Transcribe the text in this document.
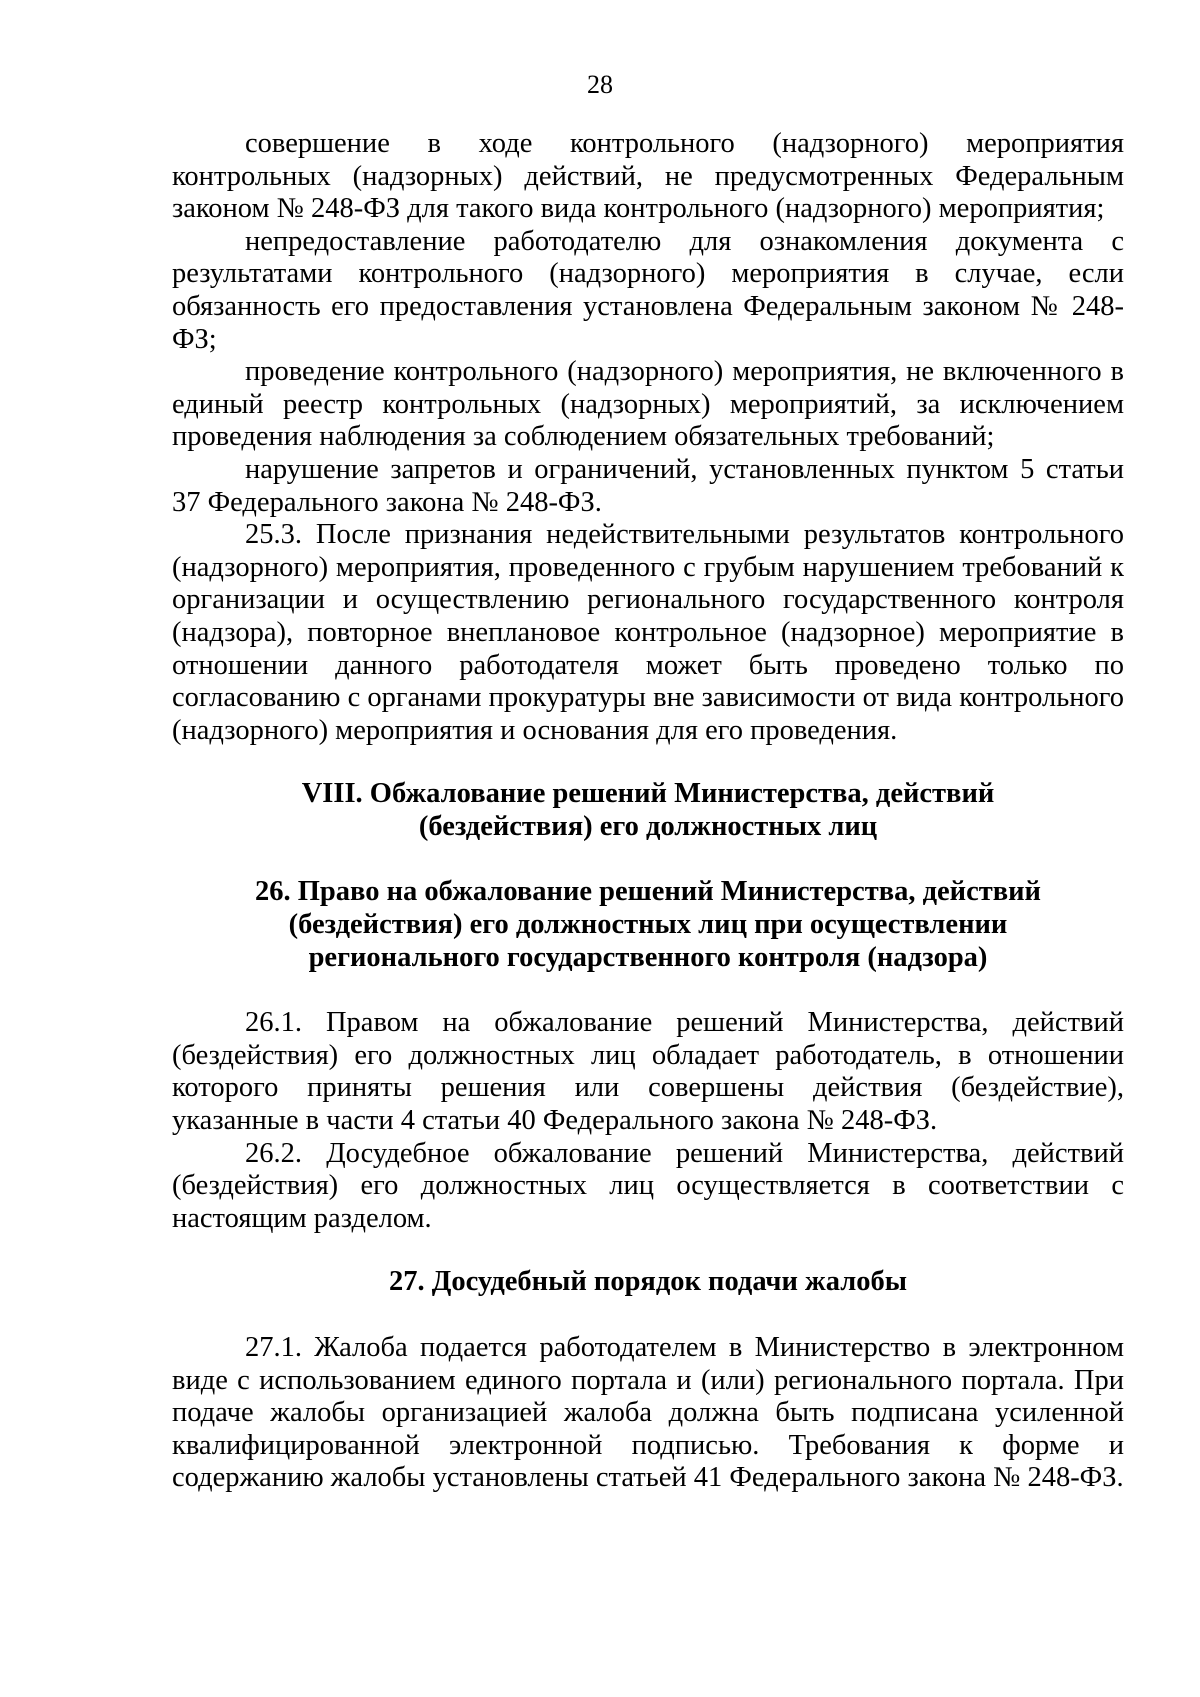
28

совершение в ходе контрольного (надзорного) мероприятия контрольных (надзорных) действий, не предусмотренных Федеральным законом № 248-ФЗ для такого вида контрольного (надзорного) мероприятия;

непредоставление работодателю для ознакомления документа с результатами контрольного (надзорного) мероприятия в случае, если обязанность его предоставления установлена Федеральным законом № 248-ФЗ;

проведение контрольного (надзорного) мероприятия, не включенного в единый реестр контрольных (надзорных) мероприятий, за исключением проведения наблюдения за соблюдением обязательных требований;

нарушение запретов и ограничений, установленных пунктом 5 статьи 37 Федерального закона № 248-ФЗ.

25.3. После признания недействительными результатов контрольного (надзорного) мероприятия, проведенного с грубым нарушением требований к организации и осуществлению регионального государственного контроля (надзора), повторное внеплановое контрольное (надзорное) мероприятие в отношении данного работодателя может быть проведено только по согласованию с органами прокуратуры вне зависимости от вида контрольного (надзорного) мероприятия и основания для его проведения.

VIII. Обжалование решений Министерства, действий
(бездействия) его должностных лиц
26. Право на обжалование решений Министерства, действий
(бездействия) его должностных лиц при осуществлении
регионального государственного контроля (надзора)

26.1. Правом на обжалование решений Министерства, действий (бездействия) его должностных лиц обладает работодатель, в отношении которого приняты решения или совершены действия (бездействие), указанные в части 4 статьи 40 Федерального закона № 248-ФЗ.

26.2. Досудебное обжалование решений Министерства, действий (бездействия) его должностных лиц осуществляется в соответствии с настоящим разделом.

27. Досудебный порядок подачи жалобы

27.1. Жалоба подается работодателем в Министерство в электронном виде с использованием единого портала и (или) регионального портала. При подаче жалобы организацией жалоба должна быть подписана усиленной квалифицированной электронной подписью. Требования к форме и содержанию жалобы установлены статьей 41 Федерального закона № 248-ФЗ.
